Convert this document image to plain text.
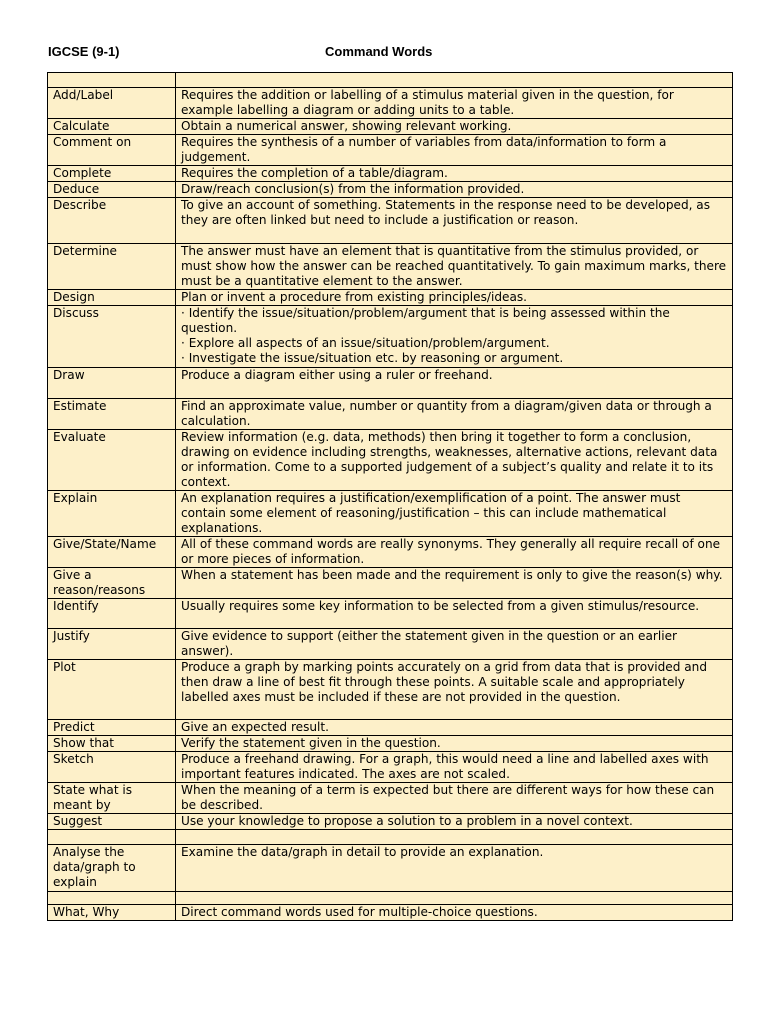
IGCSE (9-1)	Command Words

Add/Label	Requires the addition or labelling of a stimulus material given in the question, for example labelling a diagram or adding units to a table.
Calculate	Obtain a numerical answer, showing relevant working.
Comment on	Requires the synthesis of a number of variables from data/information to form a judgement.
Complete	Requires the completion of a table/diagram.
Deduce	Draw/reach conclusion(s) from the information provided.
Describe	To give an account of something. Statements in the response need to be developed, as they are often linked but need to include a justification or reason.
Determine	The answer must have an element that is quantitative from the stimulus provided, or must show how the answer can be reached quantitatively. To gain maximum marks, there must be a quantitative element to the answer.
Design	Plan or invent a procedure from existing principles/ideas.
Discuss	· Identify the issue/situation/problem/argument that is being assessed within the question.
· Explore all aspects of an issue/situation/problem/argument.
· Investigate the issue/situation etc. by reasoning or argument.

Draw	Produce a diagram either using a ruler or freehand.
Estimate	Find an approximate value, number or quantity from a diagram/given data or through a calculation.
Evaluate	Review information (e.g. data, methods) then bring it together to form a conclusion, drawing on evidence including strengths, weaknesses, alternative actions, relevant data or information. Come to a supported judgement of a subject’s quality and relate it to its context.
Explain	An explanation requires a justification/exemplification of a point. The answer must contain some element of reasoning/justification – this can include mathematical explanations.
Give/State/Name	All of these command words are really synonyms. They generally all require recall of one or more pieces of information.
Give a reason/reasons	When a statement has been made and the requirement is only to give the reason(s) why.
Identify	Usually requires some key information to be selected from a given stimulus/resource.
Justify	Give evidence to support (either the statement given in the question or an earlier answer).
Plot	Produce a graph by marking points accurately on a grid from data that is provided and then draw a line of best fit through these points. A suitable scale and appropriately labelled axes must be included if these are not provided in the question.
Predict	Give an expected result.
Show that	Verify the statement given in the question.
Sketch	Produce a freehand drawing. For a graph, this would need a line and labelled axes with important features indicated. The axes are not scaled.
State what is meant by	When the meaning of a term is expected but there are different ways for how these can be described.
Suggest	Use your knowledge to propose a solution to a problem in a novel context.

Analyse the data/graph to explain	Examine the data/graph in detail to provide an explanation.

What, Why	Direct command words used for multiple-choice questions.
